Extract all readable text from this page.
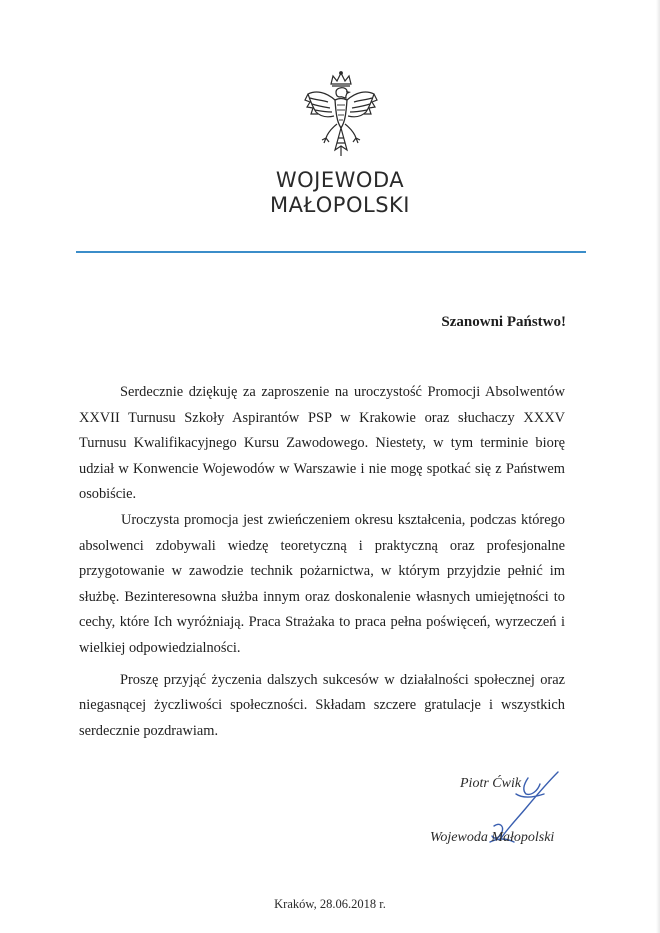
WOJEWODA
MAŁOPOLSKI
Szanowni Państwo!

Serdecznie dziękuję za zaproszenie na uroczystość Promocji Absolwentów XXVII Turnusu Szkoły Aspirantów PSP w Krakowie oraz słuchaczy XXXV Turnusu Kwalifikacyjnego Kursu Zawodowego. Niestety, w tym terminie biorę udział w Konwencie Wojewodów w Warszawie i nie mogę spotkać się z Państwem osobiście.

Uroczysta promocja jest zwieńczeniem okresu kształcenia, podczas którego absolwenci zdobywali wiedzę teoretyczną i praktyczną oraz profesjonalne przygotowanie w zawodzie technik pożarnictwa, w którym przyjdzie pełnić im służbę. Bezinteresowna służba innym oraz doskonalenie własnych umiejętności to cechy, które Ich wyróżniają. Praca Strażaka to praca pełna poświęceń, wyrzeczeń i wielkiej odpowiedzialności.

Proszę przyjąć życzenia dalszych sukcesów w działalności społecznej oraz niegasnącej życzliwości społeczności. Składam szczere gratulacje i wszystkich serdecznie pozdrawiam.

Piotr Ćwik
Wojewoda Małopolski
Kraków, 28.06.2018 r.
